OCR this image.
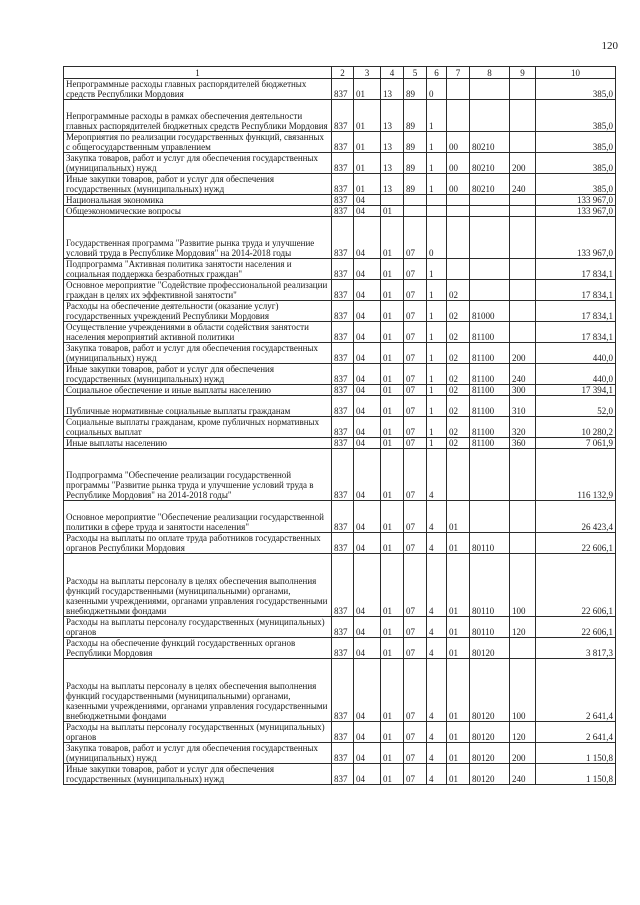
120
1	2	3	4	5	6	7	8	9	10
Непрограммные расходы главных распорядителей бюджетных средств Республики Мордовия	837	01	13	89	0				385,0
Непрограммные расходы в рамках обеспечения деятельности главных распорядителей бюджетных средств Республики Мордовия	837	01	13	89	1				385,0
Мероприятия по реализации государственных функций, связанных с общегосударственным управлением	837	01	13	89	1	00	80210		385,0
Закупка товаров, работ и услуг для обеспечения государственных (муниципальных) нужд	837	01	13	89	1	00	80210	200	385,0
Иные закупки товаров, работ и услуг для обеспечения государственных (муниципальных) нужд	837	01	13	89	1	00	80210	240	385,0
Национальная экономика	837	04							133 967,0
Общеэкономические вопросы	837	04	01						133 967,0
Государственная программа "Развитие рынка труда и улучшение условий труда в Республике Мордовия" на 2014-2018 годы	837	04	01	07	0				133 967,0
Подпрограмма "Активная политика занятости населения и социальная поддержка безработных граждан"	837	04	01	07	1				17 834,1
Основное мероприятие "Содействие профессиональной реализации граждан в целях их эффективной занятости"	837	04	01	07	1	02			17 834,1
Расходы на обеспечение деятельности (оказание услуг) государственных учреждений Республики Мордовия	837	04	01	07	1	02	81000		17 834,1
Осуществление учреждениями в области содействия занятости населения мероприятий активной политики	837	04	01	07	1	02	81100		17 834,1
Закупка товаров, работ и услуг для обеспечения государственных (муниципальных) нужд	837	04	01	07	1	02	81100	200	440,0
Иные закупки товаров, работ и услуг для обеспечения государственных (муниципальных) нужд	837	04	01	07	1	02	81100	240	440,0
Социальное обеспечение и иные выплаты населению	837	04	01	07	1	02	81100	300	17 394,1
Публичные нормативные социальные выплаты гражданам	837	04	01	07	1	02	81100	310	52,0
Социальные выплаты гражданам, кроме публичных нормативных социальных выплат	837	04	01	07	1	02	81100	320	10 280,2
Иные выплаты населению	837	04	01	07	1	02	81100	360	7 061,9
Подпрограмма "Обеспечение реализации государственной программы "Развитие рынка труда и улучшение условий труда в Республике Мордовия" на 2014-2018 годы"	837	04	01	07	4				116 132,9
Основное мероприятие "Обеспечение реализации государственной политики в сфере труда и занятости населения"	837	04	01	07	4	01			26 423,4
Расходы на выплаты по оплате труда работников государственных органов Республики Мордовия	837	04	01	07	4	01	80110		22 606,1
Расходы на выплаты персоналу в целях обеспечения выполнения функций государственными (муниципальными) органами, казенными учреждениями, органами управления государственными внебюджетными фондами	837	04	01	07	4	01	80110	100	22 606,1
Расходы на выплаты персоналу государственных (муниципальных) органов	837	04	01	07	4	01	80110	120	22 606,1
Расходы на обеспечение функций государственных органов Республики Мордовия	837	04	01	07	4	01	80120		3 817,3
Расходы на выплаты персоналу в целях обеспечения выполнения функций государственными (муниципальными) органами, казенными учреждениями, органами управления государственными внебюджетными фондами	837	04	01	07	4	01	80120	100	2 641,4
Расходы на выплаты персоналу государственных (муниципальных) органов	837	04	01	07	4	01	80120	120	2 641,4
Закупка товаров, работ и услуг для обеспечения государственных (муниципальных) нужд	837	04	01	07	4	01	80120	200	1 150,8
Иные закупки товаров, работ и услуг для обеспечения государственных (муниципальных) нужд	837	04	01	07	4	01	80120	240	1 150,8
